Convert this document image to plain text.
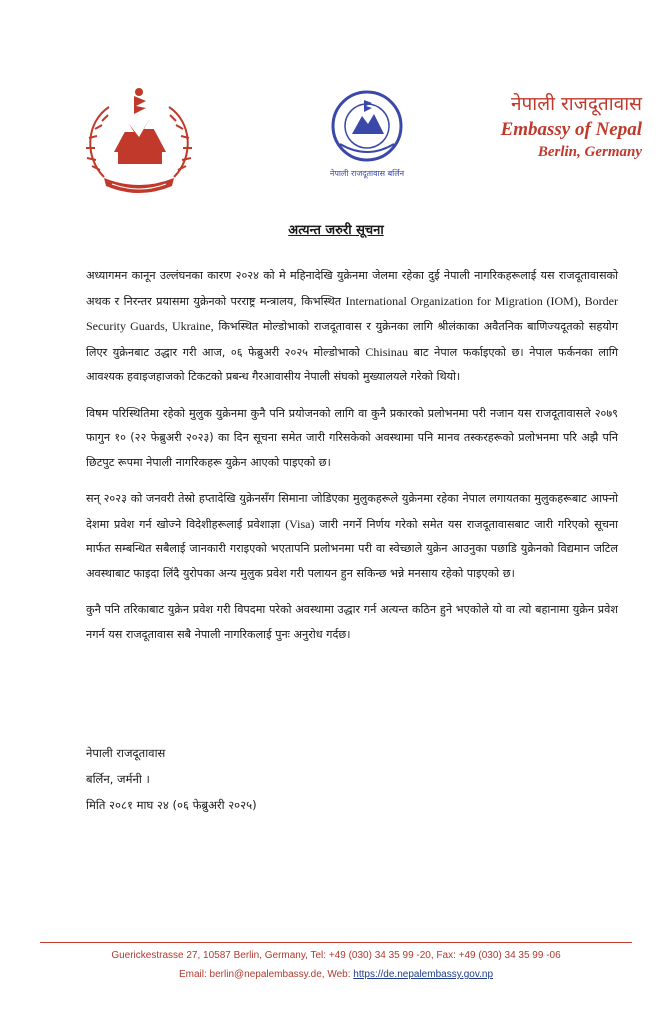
नेपाली राजदूतावास बर्लिन
नेपाली राजदूतावास
Embassy of Nepal
Berlin, Germany
अत्यन्त जरुरी सूचना

अध्यागमन कानून उल्लंघनका कारण २०२४ को मे महिनादेखि युक्रेनमा जेलमा रहेका दुई नेपाली नागरिकहरूलाई यस राजदूतावासको अथक र निरन्तर प्रयासमा युक्रेनको परराष्ट्र मन्त्रालय, किभस्थित International Organization for Migration (IOM), Border Security Guards, Ukraine, किभस्थित मोल्डोभाको राजदूतावास र युक्रेनका लागि श्रीलंकाका अवैतनिक बाणिज्यदूतको सहयोग लिएर युक्रेनबाट उद्धार गरी आज, ०६ फेब्रुअरी २०२५ मोल्डोभाको Chisinau बाट नेपाल फर्काइएको छ। नेपाल फर्कनका लागि आवश्यक हवाइजहाजको टिकटको प्रबन्ध गैरआवासीय नेपाली संघको मुख्यालयले गरेको थियो।

विषम परिस्थितिमा रहेको मुलुक युक्रेनमा कुनै पनि प्रयोजनको लागि वा कुनै प्रकारको प्रलोभनमा परी नजान यस राजदूतावासले २०७९ फागुन १० (२२ फेब्रुअरी २०२३) का दिन सूचना समेत जारी गरिसकेको अवस्थामा पनि मानव तस्करहरूको प्रलोभनमा परि अझै पनि छिटपुट रूपमा नेपाली नागरिकहरू युक्रेन आएको पाइएको छ।

सन् २०२३ को जनवरी तेस्रो हप्तादेखि युक्रेनसँग सिमाना जोडिएका मुलुकहरूले युक्रेनमा रहेका नेपाल लगायतका मुलुकहरूबाट आफ्नो देशमा प्रवेश गर्न खोज्ने विदेशीहरूलाई प्रवेशाज्ञा (Visa) जारी नगर्ने निर्णय गरेको समेत यस राजदूतावासबाट जारी गरिएको सूचना मार्फत सम्बन्धित सबैलाई जानकारी गराइएको भएतापनि प्रलोभनमा परी वा स्वेच्छाले युक्रेन आउनुका पछाडि युक्रेनको विद्यमान जटिल अवस्थाबाट फाइदा लिंदै युरोपका अन्य मुलुक प्रवेश गरी पलायन हुन सकिन्छ भन्ने मनसाय रहेको पाइएको छ।

कुनै पनि तरिकाबाट युक्रेन प्रवेश गरी विपदमा परेको अवस्थामा उद्धार गर्न अत्यन्त कठिन हुने भएकोले यो वा त्यो बहानामा युक्रेन प्रवेश नगर्न यस राजदूतावास सबै नेपाली नागरिकलाई पुनः अनुरोध गर्दछ।

नेपाली राजदूतावास
बर्लिन, जर्मनी ।
मिति २०८१ माघ २४ (०६ फेब्रुअरी २०२५)
Guerickestrasse 27, 10587 Berlin, Germany, Tel: +49 (030) 34 35 99 -20, Fax: +49 (030) 34 35 99 -06
Email: berlin@nepalembassy.de, Web: https://de.nepalembassy.gov.np
